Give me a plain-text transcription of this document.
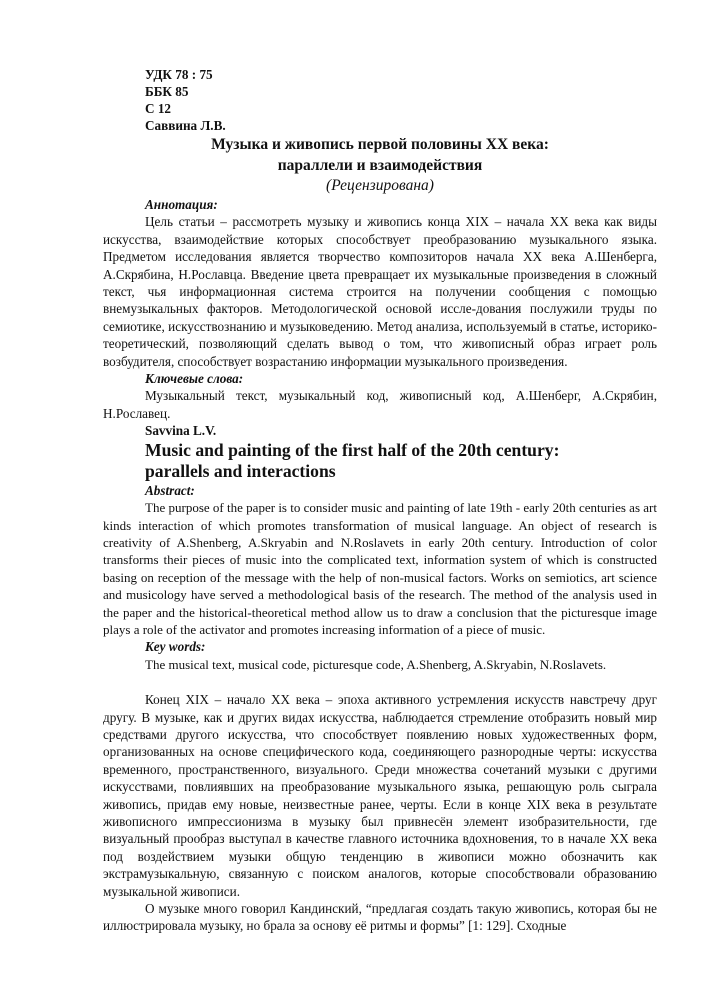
УДК 78 : 75
ББК 85
С 12
Саввина Л.В.
Музыка и живопись первой половины XX века:
параллели и взаимодействия
(Рецензирована)
Аннотация:

Цель статьи – рассмотреть музыку и живопись конца XIX – начала XX века как виды искусства, взаимодействие которых способствует преобразованию музыкального языка. Предметом исследования является творчество композиторов начала XX века А.Шенберга, А.Скрябина, Н.Рославца. Введение цвета превращает их музыкальные произведения в сложный текст, чья информационная система строится на получении сообщения с помощью внемузыкальных факторов. Методологической основой иссле-дования послужили труды по семиотике, искусствознанию и музыковедению. Метод анализа, используемый в статье, историко-теоретический, позволяющий сделать вывод о том, что живописный образ играет роль возбудителя, способствует возрастанию информации музыкального произведения.

Ключевые слова:

Музыкальный текст, музыкальный код, живописный код, А.Шенберг, А.Скрябин, Н.Рославец.

Savvina L.V.
Music and painting of the first half of the 20th century:
parallels and interactions
Abstract:

The purpose of the paper is to consider music and painting of late 19th - early 20th centuries as art kinds interaction of which promotes transformation of musical language. An object of research is creativity of A.Shenberg, A.Skryabin and N.Roslavets in early 20th century. Introduction of color transforms their pieces of music into the complicated text, information system of which is constructed basing on reception of the message with the help of non-musical factors. Works on semiotics, art science and musicology have served a methodological basis of the research. The method of the analysis used in the paper and the historical-theoretical method allow us to draw a conclusion that the picturesque image plays a role of the activator and promotes increasing information of a piece of music.

Key words:
The musical text, musical code, picturesque code, A.Shenberg, A.Skryabin, N.Roslavets.

Конец XIX – начало XX века – эпоха активного устремления искусств навстречу друг другу. В музыке, как и других видах искусства, наблюдается стремление отобразить новый мир средствами другого искусства, что способствует появлению новых художественных форм, организованных на основе специфического кода, соединяющего разнородные черты: искусства временного, пространственного, визуального. Среди множества сочетаний музыки с другими искусствами, повлиявших на преобразование музыкального языка, решающую роль сыграла живопись, придав ему новые, неизвестные ранее, черты. Если в конце XIX века в результате живописного импрессионизма в музыку был привнесён элемент изобразительности, где визуальный прообраз выступал в качестве главного источника вдохновения, то в начале XX века под воздействием музыки общую тенденцию в живописи можно обозначить как экстрамузыкальную, связанную с поиском аналогов, которые способствовали образованию музыкальной живописи.

О музыке много говорил Кандинский, “предлагая создать такую живопись, которая бы не иллюстрировала музыку, но брала за основу её ритмы и формы” [1: 129]. Сходные
